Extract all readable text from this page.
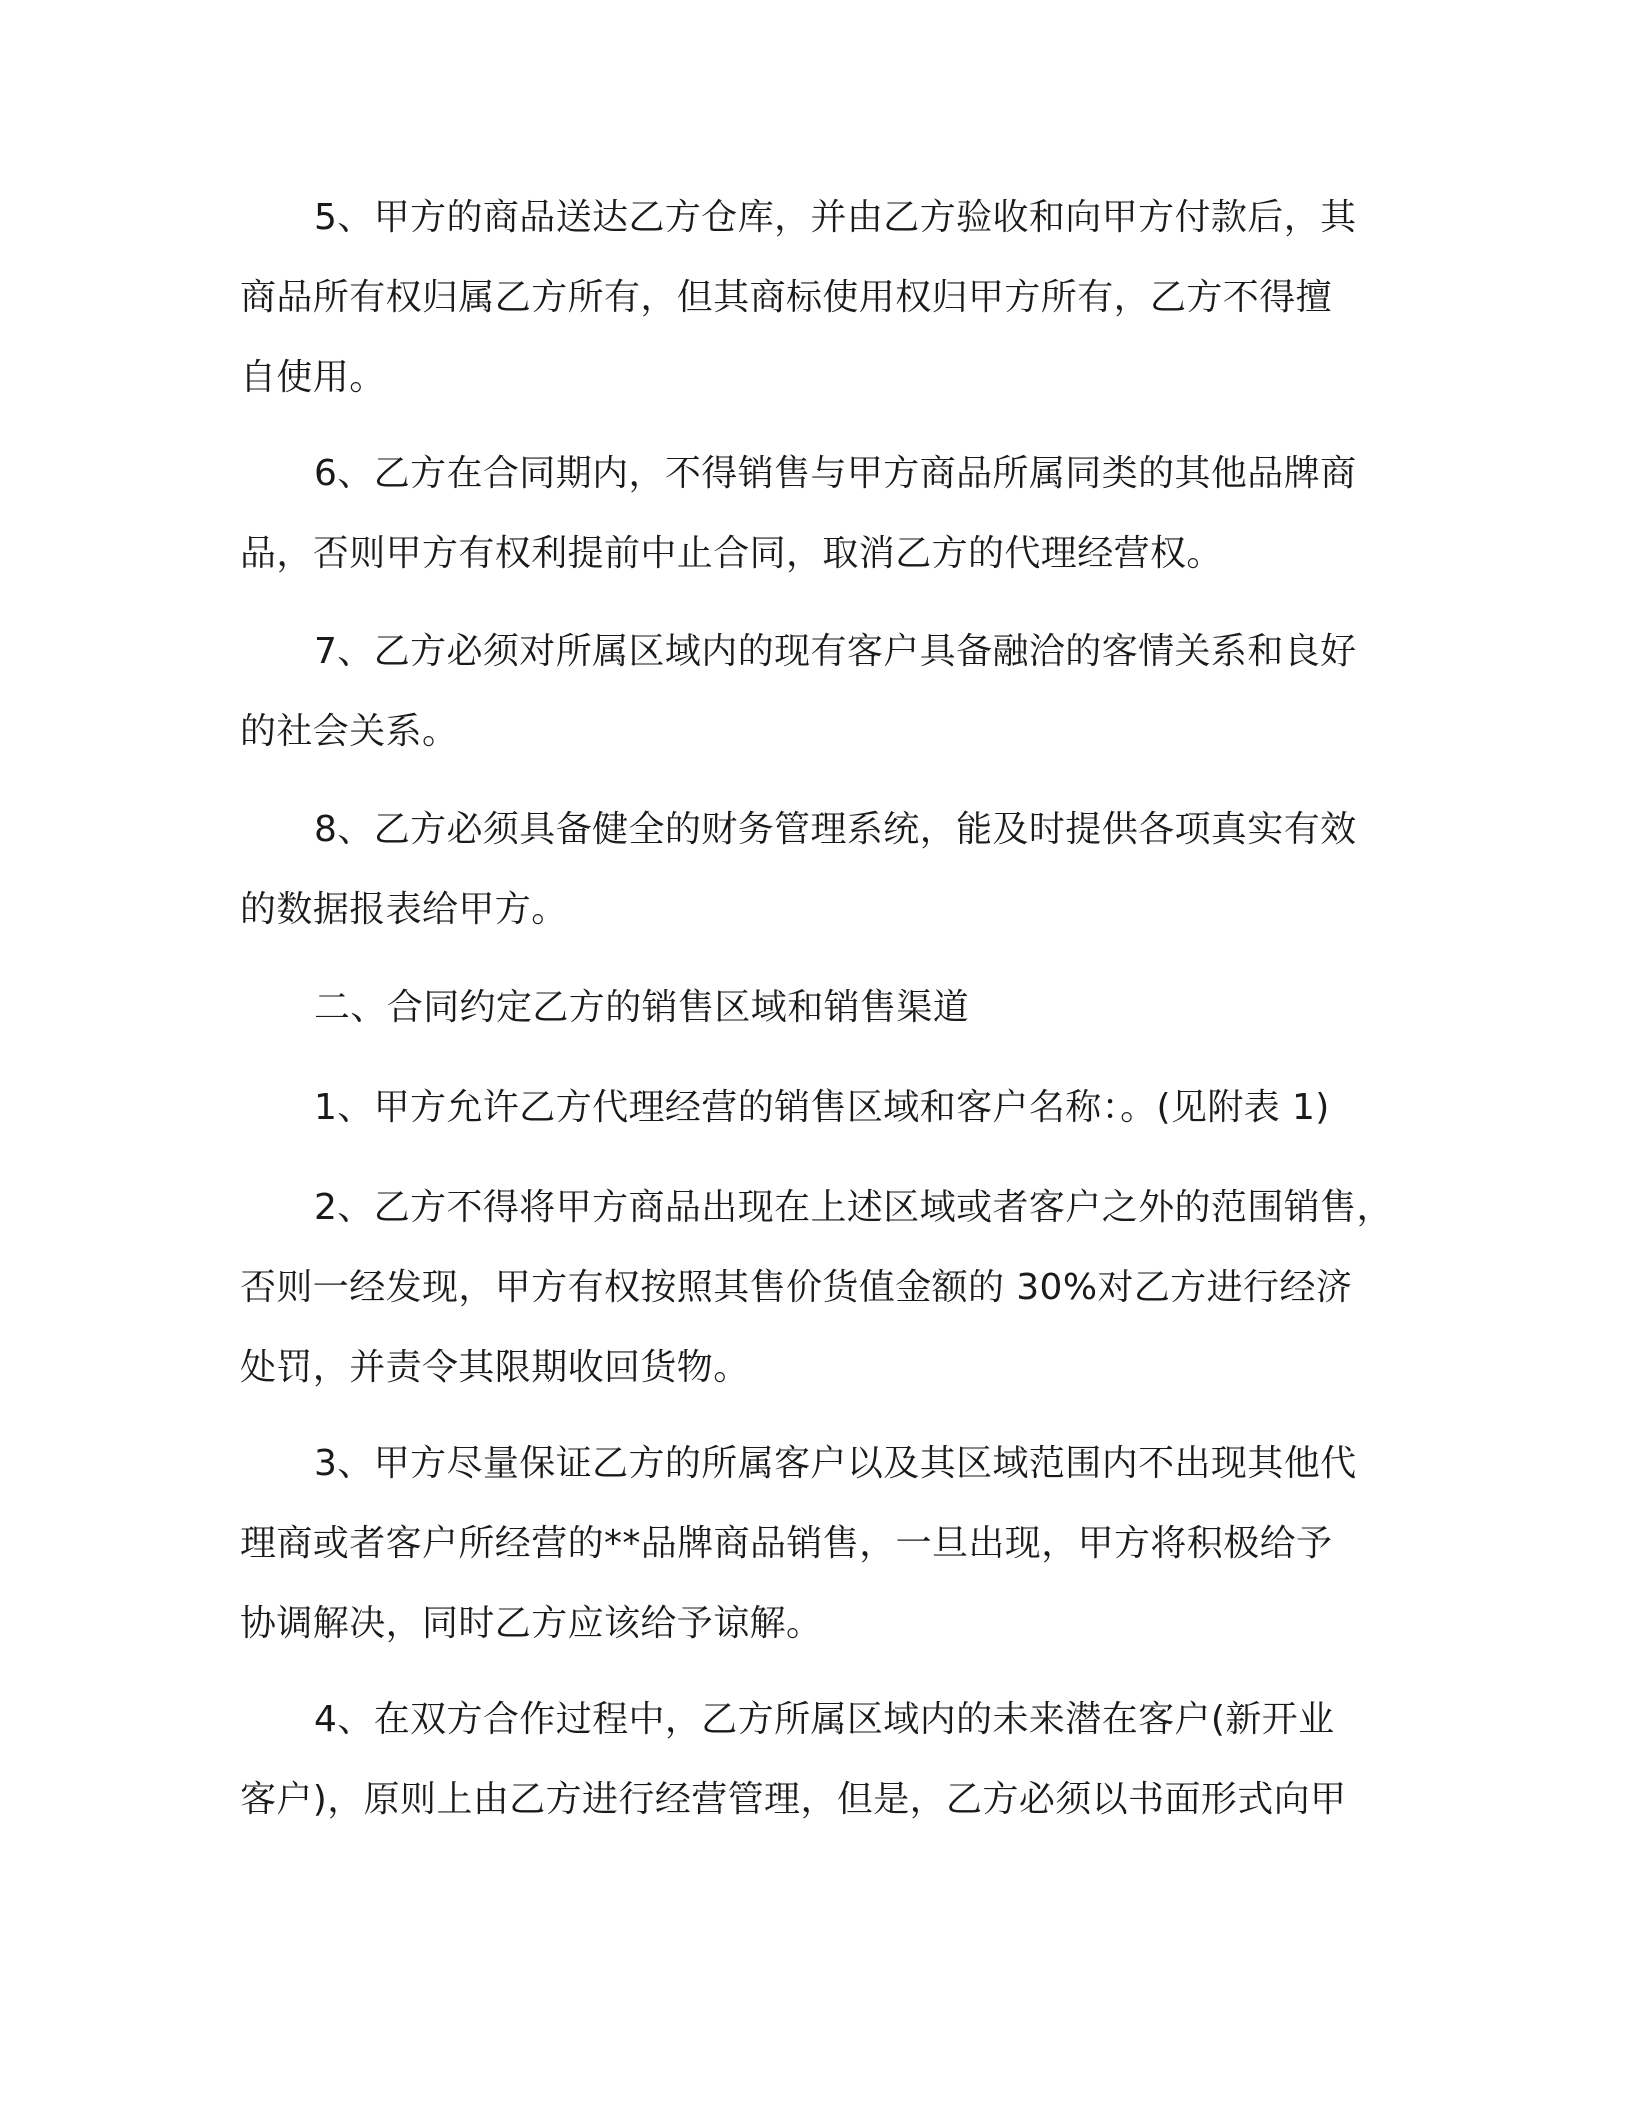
5、甲方的商品送达乙方仓库，并由乙方验收和向甲方付款后，其
商品所有权归属乙方所有，但其商标使用权归甲方所有，乙方不得擅
自使用。
6、乙方在合同期内，不得销售与甲方商品所属同类的其他品牌商
品，否则甲方有权利提前中止合同，取消乙方的代理经营权。
7、乙方必须对所属区域内的现有客户具备融洽的客情关系和良好
的社会关系。
8、乙方必须具备健全的财务管理系统，能及时提供各项真实有效
的数据报表给甲方。
二、合同约定乙方的销售区域和销售渠道
1、甲方允许乙方代理经营的销售区域和客户名称：。(见附表 1)
2、乙方不得将甲方商品出现在上述区域或者客户之外的范围销售，
否则一经发现，甲方有权按照其售价货值金额的 30%对乙方进行经济
处罚，并责令其限期收回货物。
3、甲方尽量保证乙方的所属客户以及其区域范围内不出现其他代
理商或者客户所经营的**品牌商品销售，一旦出现，甲方将积极给予
协调解决，同时乙方应该给予谅解。
4、在双方合作过程中，乙方所属区域内的未来潜在客户(新开业
客户)，原则上由乙方进行经营管理，但是，乙方必须以书面形式向甲
